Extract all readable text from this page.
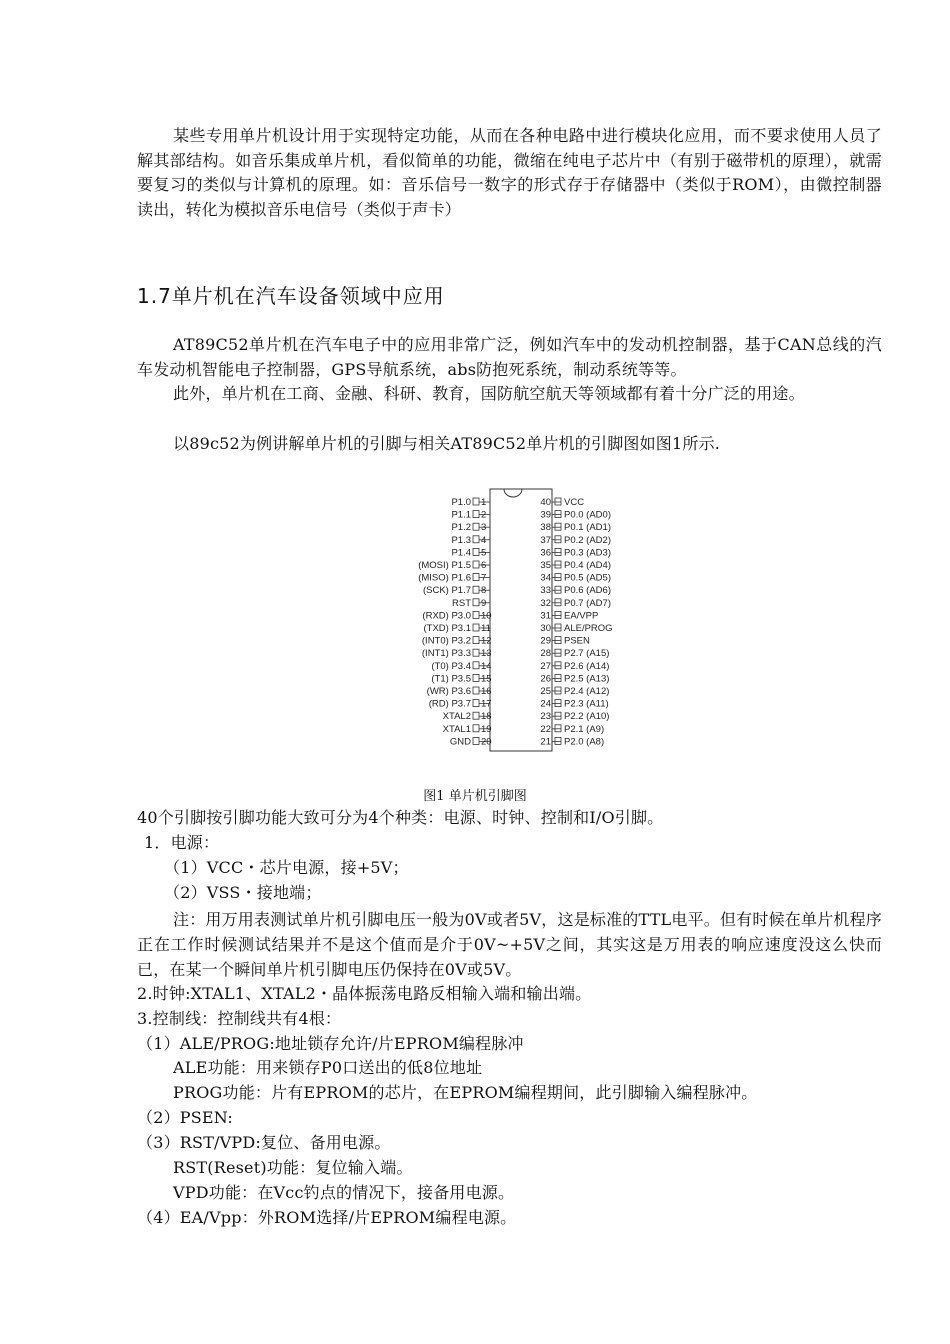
某些专用单片机设计用于实现特定功能，从而在各种电路中进行模块化应用，而不要求使用人员了解其部结构。如音乐集成单片机，看似简单的功能，微缩在纯电子芯片中（有别于磁带机的原理），就需要复习的类似与计算机的原理。如：音乐信号一数字的形式存于存储器中（类似于ROM），由微控制器读出，转化为模拟音乐电信号（类似于声卡）
1.7单片机在汽车设备领域中应用
AT89C52单片机在汽车电子中的应用非常广泛，例如汽车中的发动机控制器，基于CAN总线的汽车发动机智能电子控制器，GPS导航系统，abs防抱死系统，制动系统等等。
此外，单片机在工商、金融、科研、教育，国防航空航天等领域都有着十分广泛的用途。
以89c52为例讲解单片机的引脚与相关AT89C52单片机的引脚图如图1所示.
P1.0 1
P1.1 2
P1.2 3
P1.3 4
P1.4 5
(MOSI) P1.5 6
(MISO) P1.6 7
(SCK) P1.7 8
RST 9
(RXD) P3.0 10
(TXD) P3.1 11
(INT0) P3.2 12
(INT1) P3.3 13
(T0) P3.4 14
(T1) P3.5 15
(WR) P3.6 16
(RD) P3.7 17
XTAL2 18
XTAL1 19
GND 20
40 VCC
39 P0.0 (AD0)
38 P0.1 (AD1)
37 P0.2 (AD2)
36 P0.3 (AD3)
35 P0.4 (AD4)
34 P0.5 (AD5)
33 P0.6 (AD6)
32 P0.7 (AD7)
31 EA/VPP
30 ALE/PROG
29 PSEN
28 P2.7 (A15)
27 P2.6 (A14)
26 P2.5 (A13)
25 P2.4 (A12)
24 P2.3 (A11)
23 P2.2 (A10)
22 P2.1 (A9)
21 P2.0 (A8)
图1 单片机引脚图
40个引脚按引脚功能大致可分为4个种类：电源、时钟、控制和I/O引脚。
1．电源：
（1）VCC・芯片电源，接+5V；
（2）VSS・接地端；
注：用万用表测试单片机引脚电压一般为0V或者5V，这是标准的TTL电平。但有时候在单片机程序正在工作时候测试结果并不是这个值而是介于0V~+5V之间，其实这是万用表的响应速度没这么快而已，在某一个瞬间单片机引脚电压仍保持在0V或5V。
2.时钟:XTAL1、XTAL2・晶体振荡电路反相输入端和输出端。
3.控制线：控制线共有4根：
（1）ALE/PROG:地址锁存允许/片EPROM编程脉冲
ALE功能：用来锁存P0口送出的低8位地址
PROG功能：片有EPROM的芯片，在EPROM编程期间，此引脚输入编程脉冲。
（2）PSEN:
（3）RST/VPD:复位、备用电源。
RST(Reset)功能：复位输入端。
VPD功能：在Vcc钓点的情况下，接备用电源。
（4）EA/Vpp：外ROM选择/片EPROM编程电源。
